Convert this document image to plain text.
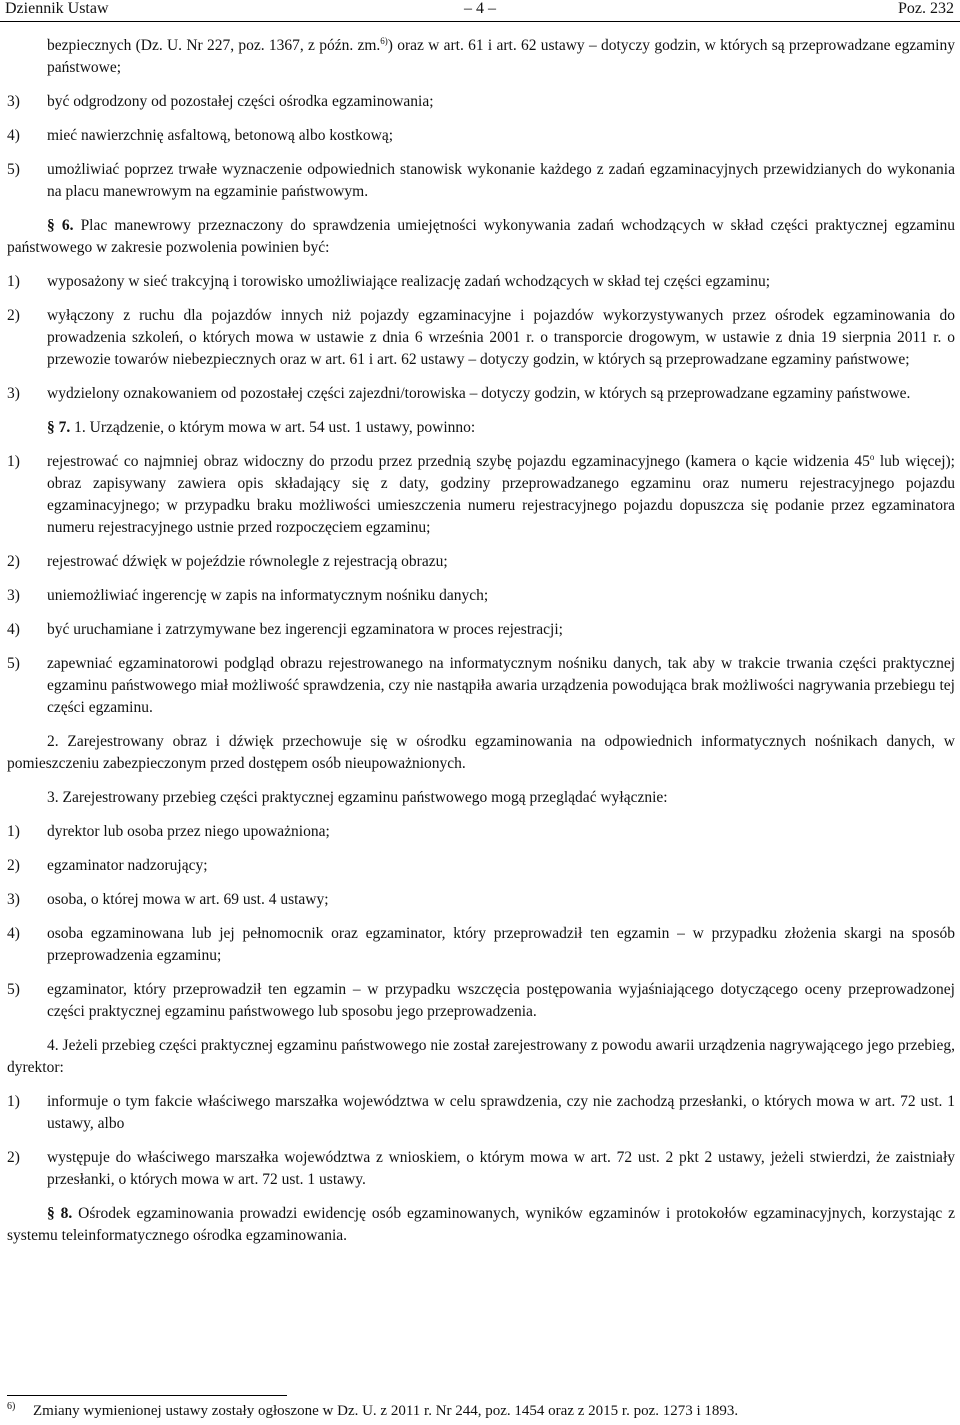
Dziennik Ustaw	– 4 –	Poz. 232

bezpiecznych (Dz. U. Nr 227, poz. 1367, z późn. zm.$^{6)}$) oraz w art. 61 i art. 62 ustawy – dotyczy godzin, w których są przeprowadzane egzaminy państwowe;

3) być odgrodzony od pozostałej części ośrodka egzaminowania;
4) mieć nawierzchnię asfaltową, betonową albo kostkową;
5) umożliwiać poprzez trwałe wyznaczenie odpowiednich stanowisk wykonanie każdego z zadań egzaminacyjnych przewidzianych do wykonania na placu manewrowym na egzaminie państwowym.

§ 6. Plac manewrowy przeznaczony do sprawdzenia umiejętności wykonywania zadań wchodzących w skład części praktycznej egzaminu państwowego w zakresie pozwolenia powinien być:

1) wyposażony w sieć trakcyjną i torowisko umożliwiające realizację zadań wchodzących w skład tej części egzaminu;
2) wyłączony z ruchu dla pojazdów innych niż pojazdy egzaminacyjne i pojazdów wykorzystywanych przez ośrodek egzaminowania do prowadzenia szkoleń, o których mowa w ustawie z dnia 6 września 2001 r. o transporcie drogowym, w ustawie z dnia 19 sierpnia 2011 r. o przewozie towarów niebezpiecznych oraz w art. 61 i art. 62 ustawy – dotyczy godzin, w których są przeprowadzane egzaminy państwowe;
3) wydzielony oznakowaniem od pozostałej części zajezdni/torowiska – dotyczy godzin, w których są przeprowadzane egzaminy państwowe.

§ 7. 1. Urządzenie, o którym mowa w art. 54 ust. 1 ustawy, powinno:

1) rejestrować co najmniej obraz widoczny do przodu przez przednią szybę pojazdu egzaminacyjnego (kamera o kącie widzenia 45$^o$ lub więcej); obraz zapisywany zawiera opis składający się z daty, godziny przeprowadzanego egzaminu oraz numeru rejestracyjnego pojazdu egzaminacyjnego; w przypadku braku możliwości umieszczenia numeru rejestracyjnego pojazdu dopuszcza się podanie przez egzaminatora numeru rejestracyjnego ustnie przed rozpoczęciem egzaminu;
2) rejestrować dźwięk w pojeździe równolegle z rejestracją obrazu;
3) uniemożliwiać ingerencję w zapis na informatycznym nośniku danych;
4) być uruchamiane i zatrzymywane bez ingerencji egzaminatora w proces rejestracji;
5) zapewniać egzaminatorowi podgląd obrazu rejestrowanego na informatycznym nośniku danych, tak aby w trakcie trwania części praktycznej egzaminu państwowego miał możliwość sprawdzenia, czy nie nastąpiła awaria urządzenia powodująca brak możliwości nagrywania przebiegu tej części egzaminu.

2. Zarejestrowany obraz i dźwięk przechowuje się w ośrodku egzaminowania na odpowiednich informatycznych nośnikach danych, w pomieszczeniu zabezpieczonym przed dostępem osób nieupoważnionych.

3. Zarejestrowany przebieg części praktycznej egzaminu państwowego mogą przeglądać wyłącznie:

1) dyrektor lub osoba przez niego upoważniona;
2) egzaminator nadzorujący;
3) osoba, o której mowa w art. 69 ust. 4 ustawy;
4) osoba egzaminowana lub jej pełnomocnik oraz egzaminator, który przeprowadził ten egzamin – w przypadku złożenia skargi na sposób przeprowadzenia egzaminu;
5) egzaminator, który przeprowadził ten egzamin – w przypadku wszczęcia postępowania wyjaśniającego dotyczącego oceny przeprowadzonej części praktycznej egzaminu państwowego lub sposobu jego przeprowadzenia.

4. Jeżeli przebieg części praktycznej egzaminu państwowego nie został zarejestrowany z powodu awarii urządzenia nagrywającego jego przebieg, dyrektor:

1) informuje o tym fakcie właściwego marszałka województwa w celu sprawdzenia, czy nie zachodzą przesłanki, o których mowa w art. 72 ust. 1 ustawy, albo
2) występuje do właściwego marszałka województwa z wnioskiem, o którym mowa w art. 72 ust. 2 pkt 2 ustawy, jeżeli stwierdzi, że zaistniały przesłanki, o których mowa w art. 72 ust. 1 ustawy.

§ 8. Ośrodek egzaminowania prowadzi ewidencję osób egzaminowanych, wyników egzaminów i protokołów egzaminacyjnych, korzystając z systemu teleinformatycznego ośrodka egzaminowania.

6) Zmiany wymienionej ustawy zostały ogłoszone w Dz. U. z 2011 r. Nr 244, poz. 1454 oraz z 2015 r. poz. 1273 i 1893.
